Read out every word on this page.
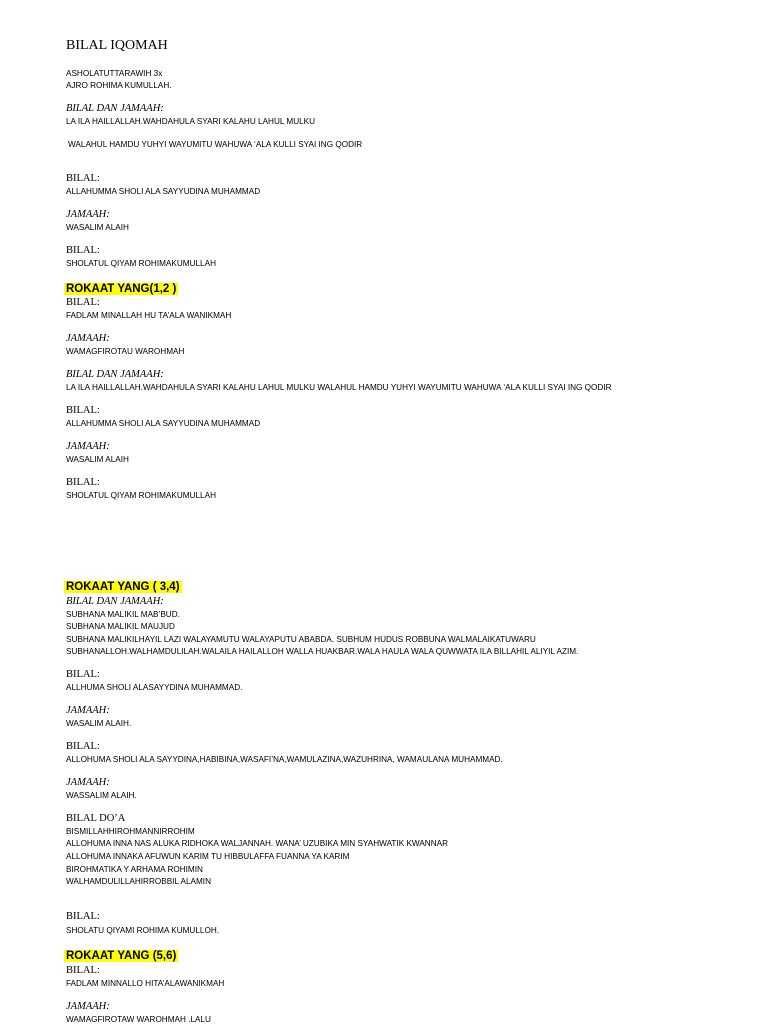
BILAL IQOMAH
ASHOLATUTTARAWIH 3x
AJRO ROHIMA KUMULLAH.
BILAL DAN JAMAAH:
LA ILA HAILLALLAH.WAHDAHULA SYARI KALAHU LAHUL MULKU
WALAHUL HAMDU YUHYI WAYUMITU WAHUWA ‘ALA KULLI SYAI ING QODIR
BILAL:
ALLAHUMMA SHOLI ALA SAYYUDINA MUHAMMAD
JAMAAH:
WASALIM ALAIH
BILAL:
SHOLATUL QIYAM ROHIMAKUMULLAH
ROKAAT YANG(1,2 )
BILAL:
FADLAM MINALLAH HU TA’ALA WANIKMAH
JAMAAH:
WAMAGFIROTAU WAROHMAH
BILAL DAN JAMAAH:
LA ILA HAILLALLAH.WAHDAHULA SYARI KALAHU LAHUL MULKU WALAHUL HAMDU YUHYI WAYUMITU WAHUWA ‘ALA KULLI SYAI ING QODIR
BILAL:
ALLAHUMMA SHOLI ALA SAYYUDINA MUHAMMAD
JAMAAH:
WASALIM ALAIH
BILAL:
SHOLATUL QIYAM ROHIMAKUMULLAH
ROKAAT YANG ( 3,4)
BILAL DAN JAMAAH:
SUBHANA MALIKIL MAB’BUD.
SUBHANA MALIKIL MAUJUD
SUBHANA MALIKILHAYIL LAZI WALAYAMUTU WALAYAPUTU ABABDA. SUBHUM HUDUS ROBBUNA WALMALAIKATUWARU
SUBHANALLOH.WALHAMDULILAH.WALAILA HAILALLOH WALLA HUAKBAR.WALA HAULA WALA QUWWATA ILA BILLAHIL ALIYIL AZIM.
BILAL:
ALLHUMA SHOLI ALASAYYDINA MUHAMMAD.
JAMAAH:
WASALIM ALAIH.
BILAL:
ALLOHUMA SHOLI ALA SAYYDINA,HABIBINA,WASAFI’NA,WAMULAZINA,WAZUHRINA, WAMAULANA MUHAMMAD.
JAMAAH:
WASSALIM ALAIH.
BILAL DO’A
BISMILLAHHIROHMANNIRROHIM
ALLOHUMA INNA NAS ALUKA RIDHOKA WALJANNAH. WANA’ UZUBIKA MIN SYAHWATIK KWANNAR
ALLOHUMA INNAKA AFUWUN KARIM TU HIBBULAFFA FUANNA YA KARIM
BIROHMATIKA Y ARHAMA ROHIMIN
WALHAMDULILLAHIRROBBIL ALAMIN
BILAL:
SHOLATU QIYAMI ROHIMA KUMULLOH.
ROKAAT YANG (5,6)
BILAL:
FADLAM MINNALLO HITA’ALAWANIKMAH
JAMAAH:
WAMAGFIROTAW WAROHMAH .LALU
